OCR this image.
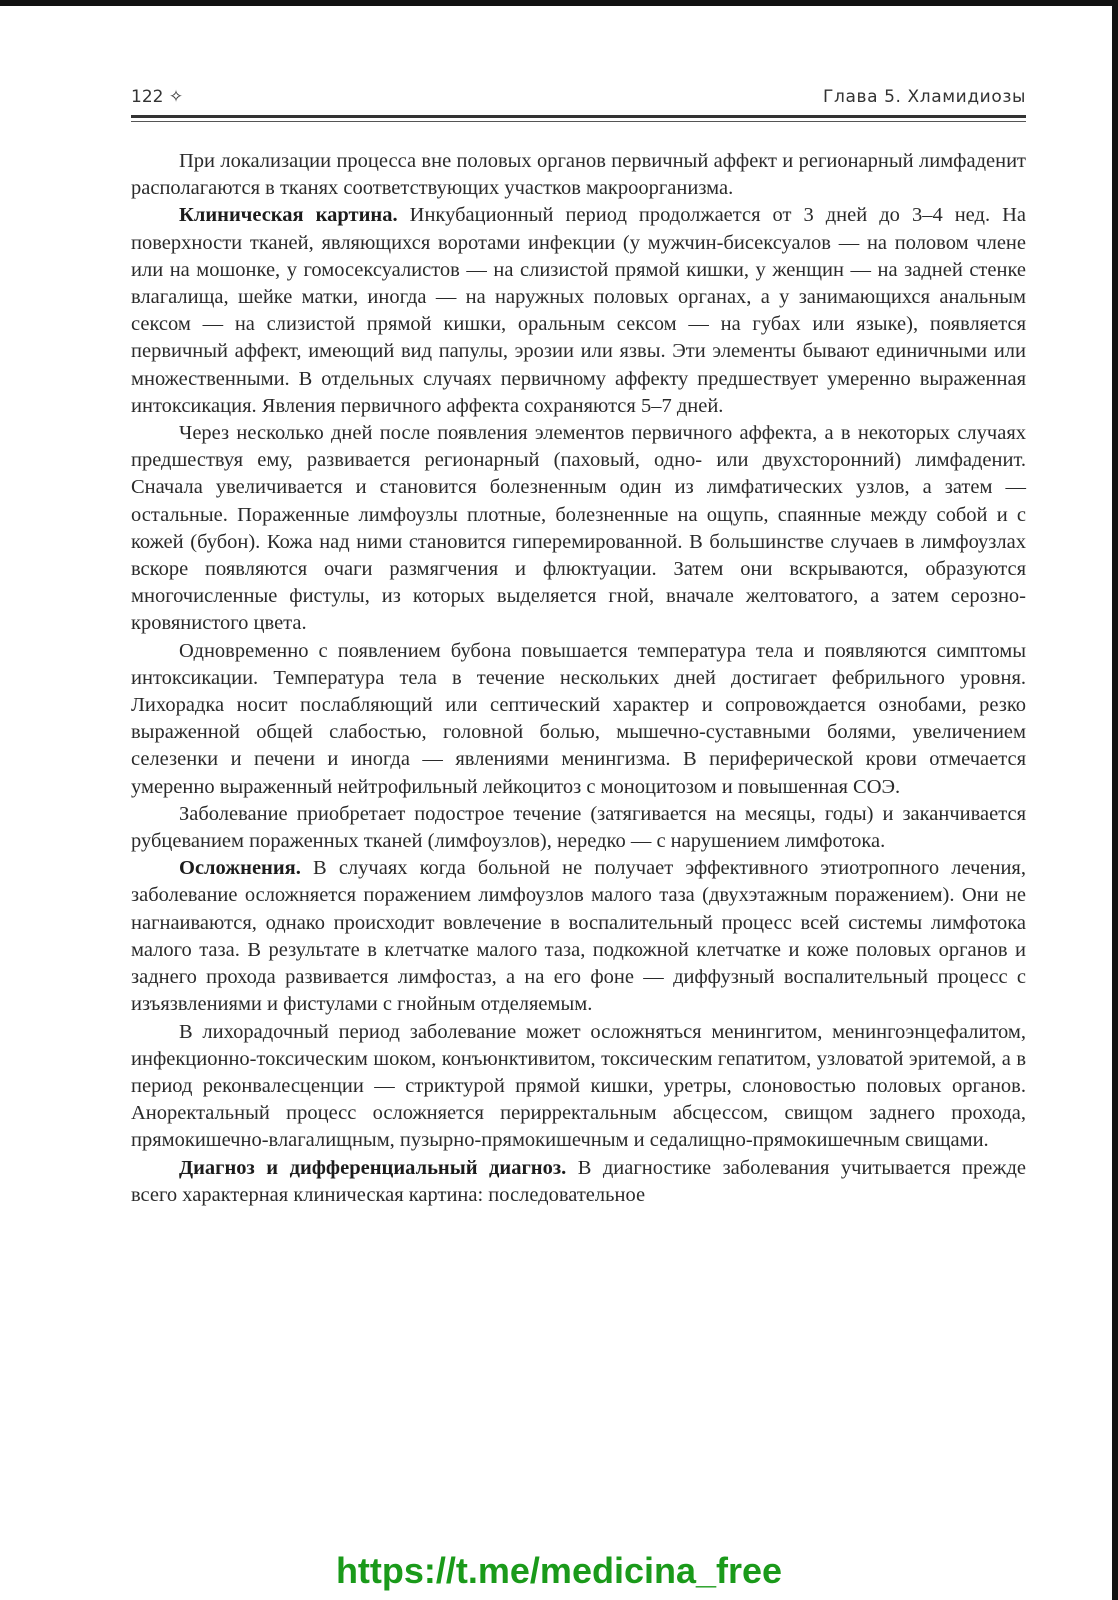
122 ✧	Глава 5. Хламидиозы

При локализации процесса вне половых органов первичный аффект и регионарный лимфаденит располагаются в тканях соответствующих участков макроорганизма.

Клиническая картина. Инкубационный период продолжается от 3 дней до 3–4 нед. На поверхности тканей, являющихся воротами инфекции (у мужчин-бисексуалов — на половом члене или на мошонке, у гомосексуалистов — на слизистой прямой кишки, у женщин — на задней стенке влагалища, шейке матки, иногда — на наружных половых органах, а у занимающихся анальным сексом — на слизистой прямой кишки, оральным сексом — на губах или языке), появляется первичный аффект, имеющий вид папулы, эрозии или язвы. Эти элементы бывают единичными или множественными. В отдельных случаях первичному аффекту предшествует умеренно выраженная интоксикация. Явления первичного аффекта сохраняются 5–7 дней.

Через несколько дней после появления элементов первичного аффекта, а в некоторых случаях предшествуя ему, развивается регионарный (паховый, одно- или двухсторонний) лимфаденит. Сначала увеличивается и становится болезненным один из лимфатических узлов, а затем — остальные. Пораженные лимфоузлы плотные, болезненные на ощупь, спаянные между собой и с кожей (бубон). Кожа над ними становится гиперемированной. В большинстве случаев в лимфоузлах вскоре появляются очаги размягчения и флюктуации. Затем они вскрываются, образуются многочисленные фистулы, из которых выделяется гной, вначале желтоватого, а затем серозно-кровянистого цвета.

Одновременно с появлением бубона повышается температура тела и появляются симптомы интоксикации. Температура тела в течение нескольких дней достигает фебрильного уровня. Лихорадка носит послабляющий или септический характер и сопровождается ознобами, резко выраженной общей слабостью, головной болью, мышечно-суставными болями, увеличением селезенки и печени и иногда — явлениями менингизма. В периферической крови отмечается умеренно выраженный нейтрофильный лейкоцитоз с моноцитозом и повышенная СОЭ.

Заболевание приобретает подострое течение (затягивается на месяцы, годы) и заканчивается рубцеванием пораженных тканей (лимфоузлов), нередко — с нарушением лимфотока.

Осложнения. В случаях когда больной не получает эффективного этиотропного лечения, заболевание осложняется поражением лимфоузлов малого таза (двухэтажным поражением). Они не нагнаиваются, однако происходит вовлечение в воспалительный процесс всей системы лимфотока малого таза. В результате в клетчатке малого таза, подкожной клетчатке и коже половых органов и заднего прохода развивается лимфостаз, а на его фоне — диффузный воспалительный процесс с изъязвлениями и фистулами с гнойным отделяемым.

В лихорадочный период заболевание может осложняться менингитом, менингоэнцефалитом, инфекционно-токсическим шоком, конъюнктивитом, токсическим гепатитом, узловатой эритемой, а в период реконвалесценции — стриктурой прямой кишки, уретры, слоновостью половых органов. Аноректальный процесс осложняется перирректальным абсцессом, свищом заднего прохода, прямокишечно-влагалищным, пузырно-прямокишечным и седалищно-прямокишечным свищами.

Диагноз и дифференциальный диагноз. В диагностике заболевания учитывается прежде всего характерная клиническая картина: последовательное

https://t.me/medicina_free
